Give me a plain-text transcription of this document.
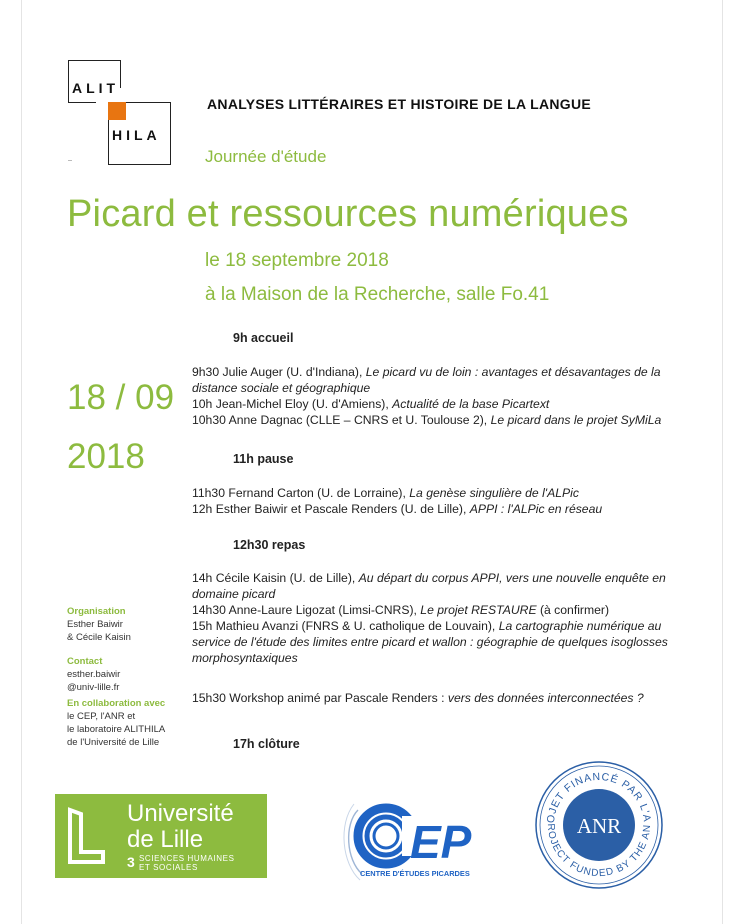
ALIT
HILA
ANALYSES LITTÉRAIRES ET HISTOIRE DE LA LANGUE
Journée d'étude
Picard et ressources numériques
le 18 septembre 2018
à la Maison de la Recherche, salle Fo.41
18 / 09
2018
9h accueil
9h30 Julie Auger (U. d'Indiana), Le picard vu de loin : avantages et désavantages de la
distance sociale et géographique
10h Jean-Michel Eloy (U. d'Amiens), Actualité de la base Picartext
10h30 Anne Dagnac (CLLE – CNRS et U. Toulouse 2), Le picard dans le projet SyMiLa
11h pause
11h30 Fernand Carton (U. de Lorraine), La genèse singulière de l'ALPic
12h Esther Baiwir et Pascale Renders (U. de Lille), APPI : l'ALPic en réseau
12h30 repas
14h Cécile Kaisin (U. de Lille), Au départ du corpus APPI, vers une nouvelle enquête en
domaine picard
14h30 Anne-Laure Ligozat (Limsi-CNRS), Le projet RESTAURE (à confirmer)
15h Mathieu Avanzi (FNRS & U. catholique de Louvain), La cartographie numérique au
service de l'étude des limites entre picard et wallon : géographie de quelques isoglosses
morphosyntaxiques
15h30 Workshop animé par Pascale Renders : vers des données interconnectées ?
17h clôture
Organisation
Esther Baiwir
& Cécile Kaisin
Contact
esther.baiwir
@univ-lille.fr
En collaboration avec
le CEP, l'ANR et
le laboratoire ALITHILA
de l'Université de Lille
Université
de Lille
3 SCIENCES HUMAINES
ET SOCIALES	EP
CENTRE D'ÉTUDES PICARDES
OJET FINANCÉ PAR L'A
ROJECT FUNDED BY THE AN
ANR
